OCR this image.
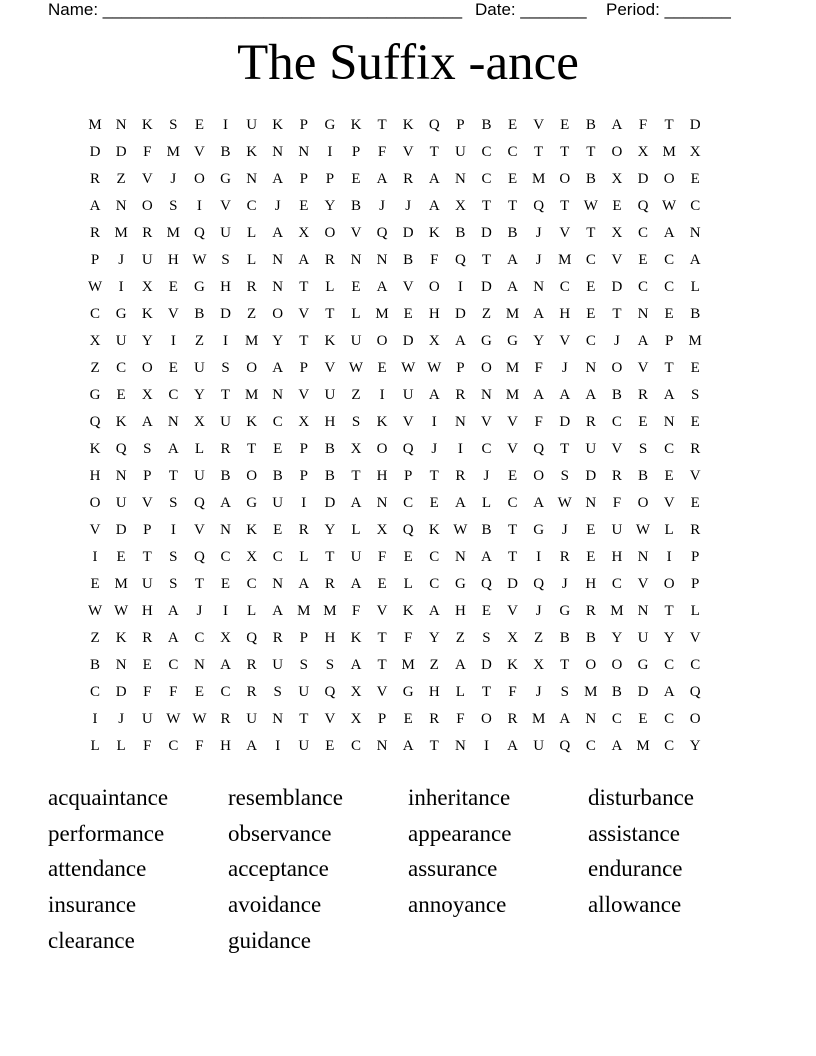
Name: ______________________________________ Date: _______ Period: _______
The Suffix -ance
M N	K	S	E	I	U	K	P	G	K	T	K	Q	P	B	E	V	E	B	A	F	T	D
D	D	F	M V	B	K	N	N	I	P	F	V	T	U	C	C	T	T	T	O	X M X
R	Z	V	J	O	G	N	A	P	P	E	A	R	A	N	C	E M O	B	X	D	O	E
A	N	O	S	I	V	C	J	E	Y	B	J	J	A	X	T	T	Q	T W E	Q W C
R M R M Q	U	L	A	X	O	V	Q	D	K	B	D	B	J	V	T	X	C	A	N
P	J	U	H W S	L	N	A	R	N	N	B	F	Q	T	A	J	M C	V	E	C	A
W	I	X	E	G	H	R	N	T	L	E	A	V	O	I	D	A	N	C	E	D	C	C	L
C	G	K	V	B	D	Z	O	V	T	L M E	H	D	Z M A	H	E	T	N	E	B
X	U	Y	I	Z	I	M Y	T	K	U	O	D	X	A	G	G	Y	V	C	J	A	P	M
Z	C	O	E	U	S	O	A	P	V W E W W P	O M	F	J	N	O	V	T	E
G	E	X	C	Y	T M N	V	U	Z	I	U	A	R	N M A	A	A	B	R	A	S
Q	K	A	N	X	U	K	C	X	H	S	K	V	I	N	V	V	F	D	R	C	E	N	E
K	Q	S	A	L	R	T	E	P	B	X	O	Q	J	I	C	V	Q	T	U	V	S	C	R
H	N	P	T	U	B	O	B	P	B	T	H	P	T	R	J	E	O	S	D	R	B	E	V
O	U	V	S	Q	A	G	U	I	D	A	N	C	E	A	L	C	A W N	F	O	V	E
V	D	P	I	V	N	K	E	R	Y	L	X	Q	K W B	T	G	J	E	U W L	R
I	E	T	S	Q	C	X	C	L	T	U	F	E	C	N	A	T	I	R	E	H	N	I	P
E M U	S	T	E	C	N	A	R	A	E	L	C	G	Q	D	Q	J	H	C	V	O	P
W W H	A	J	I	L	A M M	F	V	K	A	H	E	V	J	G	R M N	T	L
Z	K	R	A	C	X	Q	R	P	H	K	T	F	Y	Z	S	X	Z	B	B	Y	U	Y	V
B	N	E	C	N	A	R	U	S	S	A	T M Z	A	D	K	X	T	O	O	G	C	C
C	D	F	F	E	C	R	S	U	Q	X	V	G	H	L	T	F	J	S	M B	D	A	Q
I	J	U W W R	U	N	T	V	X	P	E	R	F	O	R M A	N	C	E	C	O
L	L	F	C	F	H	A	I	U	E	C	N	A	T	N	I	A	U	Q	C	A M C	Y
acquaintance	resemblance	inheritance	disturbance
performance	observance	appearance	assistance
attendance	acceptance	assurance	endurance
insurance	avoidance	annoyance	allowance
clearance	guidance
